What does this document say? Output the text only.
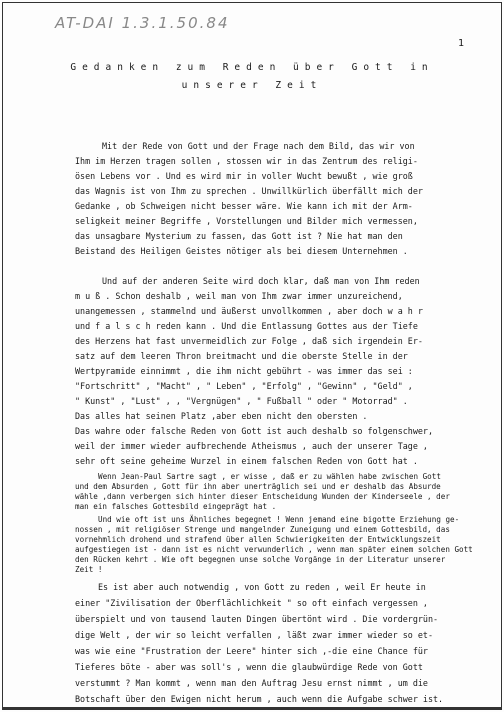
AT-DAI 1.3.1.50.84
1
Gedanken zum Reden über Gott in
unserer Zeit
Mit der Rede von Gott und der Frage nach dem Bild, das wir von
Ihm im Herzen tragen sollen , stossen wir in das Zentrum des religi-
ösen Lebens vor . Und es wird mir in voller Wucht bewußt , wie groß
das Wagnis ist von Ihm zu sprechen . Unwillkürlich überfällt mich der
Gedanke , ob Schweigen nicht besser wäre. Wie kann ich mit der Arm-
seligkeit meiner Begriffe , Vorstellungen und Bilder mich vermessen,
das unsagbare Mysterium zu fassen, das Gott ist ? Nie hat man den
Beistand des Heiligen Geistes nötiger als bei diesem Unternehmen .
Und auf der anderen Seite wird doch klar, daß man von Ihm reden
m u ß . Schon deshalb , weil man von Ihm zwar immer unzureichend,
unangemessen , stammelnd und äußerst unvollkommen , aber doch w a h r
und f a l s c h reden kann . Und die Entlassung Gottes aus der Tiefe
des Herzens hat fast unvermeidlich zur Folge , daß sich irgendein Er-
satz auf dem leeren Thron breitmacht und die oberste Stelle in der
Wertpyramide einnimmt , die ihm nicht gebührt - was immer das sei :
"Fortschritt" , "Macht" , " Leben" , "Erfolg" , "Gewinn" , "Geld" ,
" Kunst" , "Lust" , , "Vergnügen" , " Fußball " oder " Motorrad" .
Das alles hat seinen Platz ,aber eben nicht den obersten .
Das wahre oder falsche Reden von Gott ist auch deshalb so folgenschwer,
weil der immer wieder aufbrechende Atheismus , auch der unserer Tage ,
sehr oft seine geheime Wurzel in einem falschen Reden von Gott hat .
Wenn Jean-Paul Sartre sagt , er wisse , daß er zu wählen habe zwischen Gott
und dem Absurden , Gott für ihn aber unerträglich sei und er deshalb das Absurde
wähle ,dann verbergen sich hinter dieser Entscheidung Wunden der Kinderseele , der
man ein falsches Gottesbild eingeprägt hat .
Und wie oft ist uns Ähnliches begegnet ! Wenn jemand eine bigotte Erziehung ge-
nossen , mit religiöser Strenge und mangelnder Zuneigung und einem Gottesbild, das
vornehmlich drohend und strafend über allen Schwierigkeiten der Entwicklungszeit
aufgestiegen ist - dann ist es nicht verwunderlich , wenn man später einem solchen Gott
den Rücken kehrt . Wie oft begegnen unse solche Vorgänge in der Literatur unserer
Zeit !
Es ist aber auch notwendig , von Gott zu reden , weil Er heute in
einer "Zivilisation der Oberflächlichkeit " so oft einfach vergessen ,
überspielt und von tausend lauten Dingen übertönt wird . Die vordergrün-
dige Welt , der wir so leicht verfallen , läßt zwar immer wieder so et-
was wie eine "Frustration der Leere" hinter sich ,-die eine Chance für
Tieferes böte - aber was soll's , wenn die glaubwürdige Rede von Gott
verstummt ? Man kommt , wenn man den Auftrag Jesu ernst nimmt , um die
Botschaft über den Ewigen nicht herum , auch wenn die Aufgabe schwer ist.
